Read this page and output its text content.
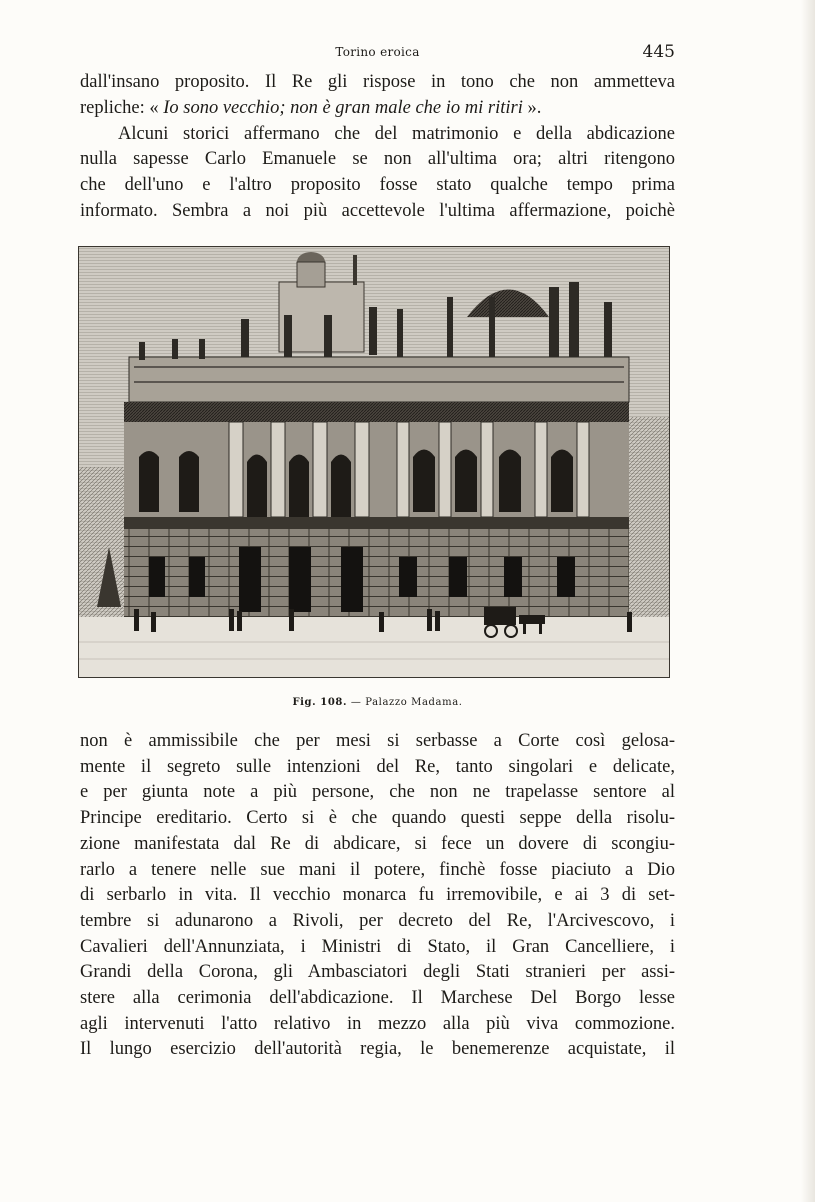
Torino eroica	445
dall'insano proposito. Il Re gli rispose in tono che non ammetteva
repliche: « Io sono vecchio; non è gran male che io mi ritiri ».
Alcuni storici affermano che del matrimonio e della abdicazione
nulla sapesse Carlo Emanuele se non all'ultima ora; altri ritengono
che dell'uno e l'altro proposito fosse stato qualche tempo prima
informato. Sembra a noi più accettevole l'ultima affermazione, poichè
Fig. 108. — Palazzo Madama.
non è ammissibile che per mesi si serbasse a Corte così gelosa-
mente il segreto sulle intenzioni del Re, tanto singolari e delicate,
e per giunta note a più persone, che non ne trapelasse sentore al
Principe ereditario. Certo si è che quando questi seppe della risolu-
zione manifestata dal Re di abdicare, si fece un dovere di scongiu-
rarlo a tenere nelle sue mani il potere, finchè fosse piaciuto a Dio
di serbarlo in vita. Il vecchio monarca fu irremovibile, e ai 3 di set-
tembre si adunarono a Rivoli, per decreto del Re, l'Arcivescovo, i
Cavalieri dell'Annunziata, i Ministri di Stato, il Gran Cancelliere, i
Grandi della Corona, gli Ambasciatori degli Stati stranieri per assi-
stere alla cerimonia dell'abdicazione. Il Marchese Del Borgo lesse
agli intervenuti l'atto relativo in mezzo alla più viva commozione.
Il lungo esercizio dell'autorità regia, le benemerenze acquistate, il
